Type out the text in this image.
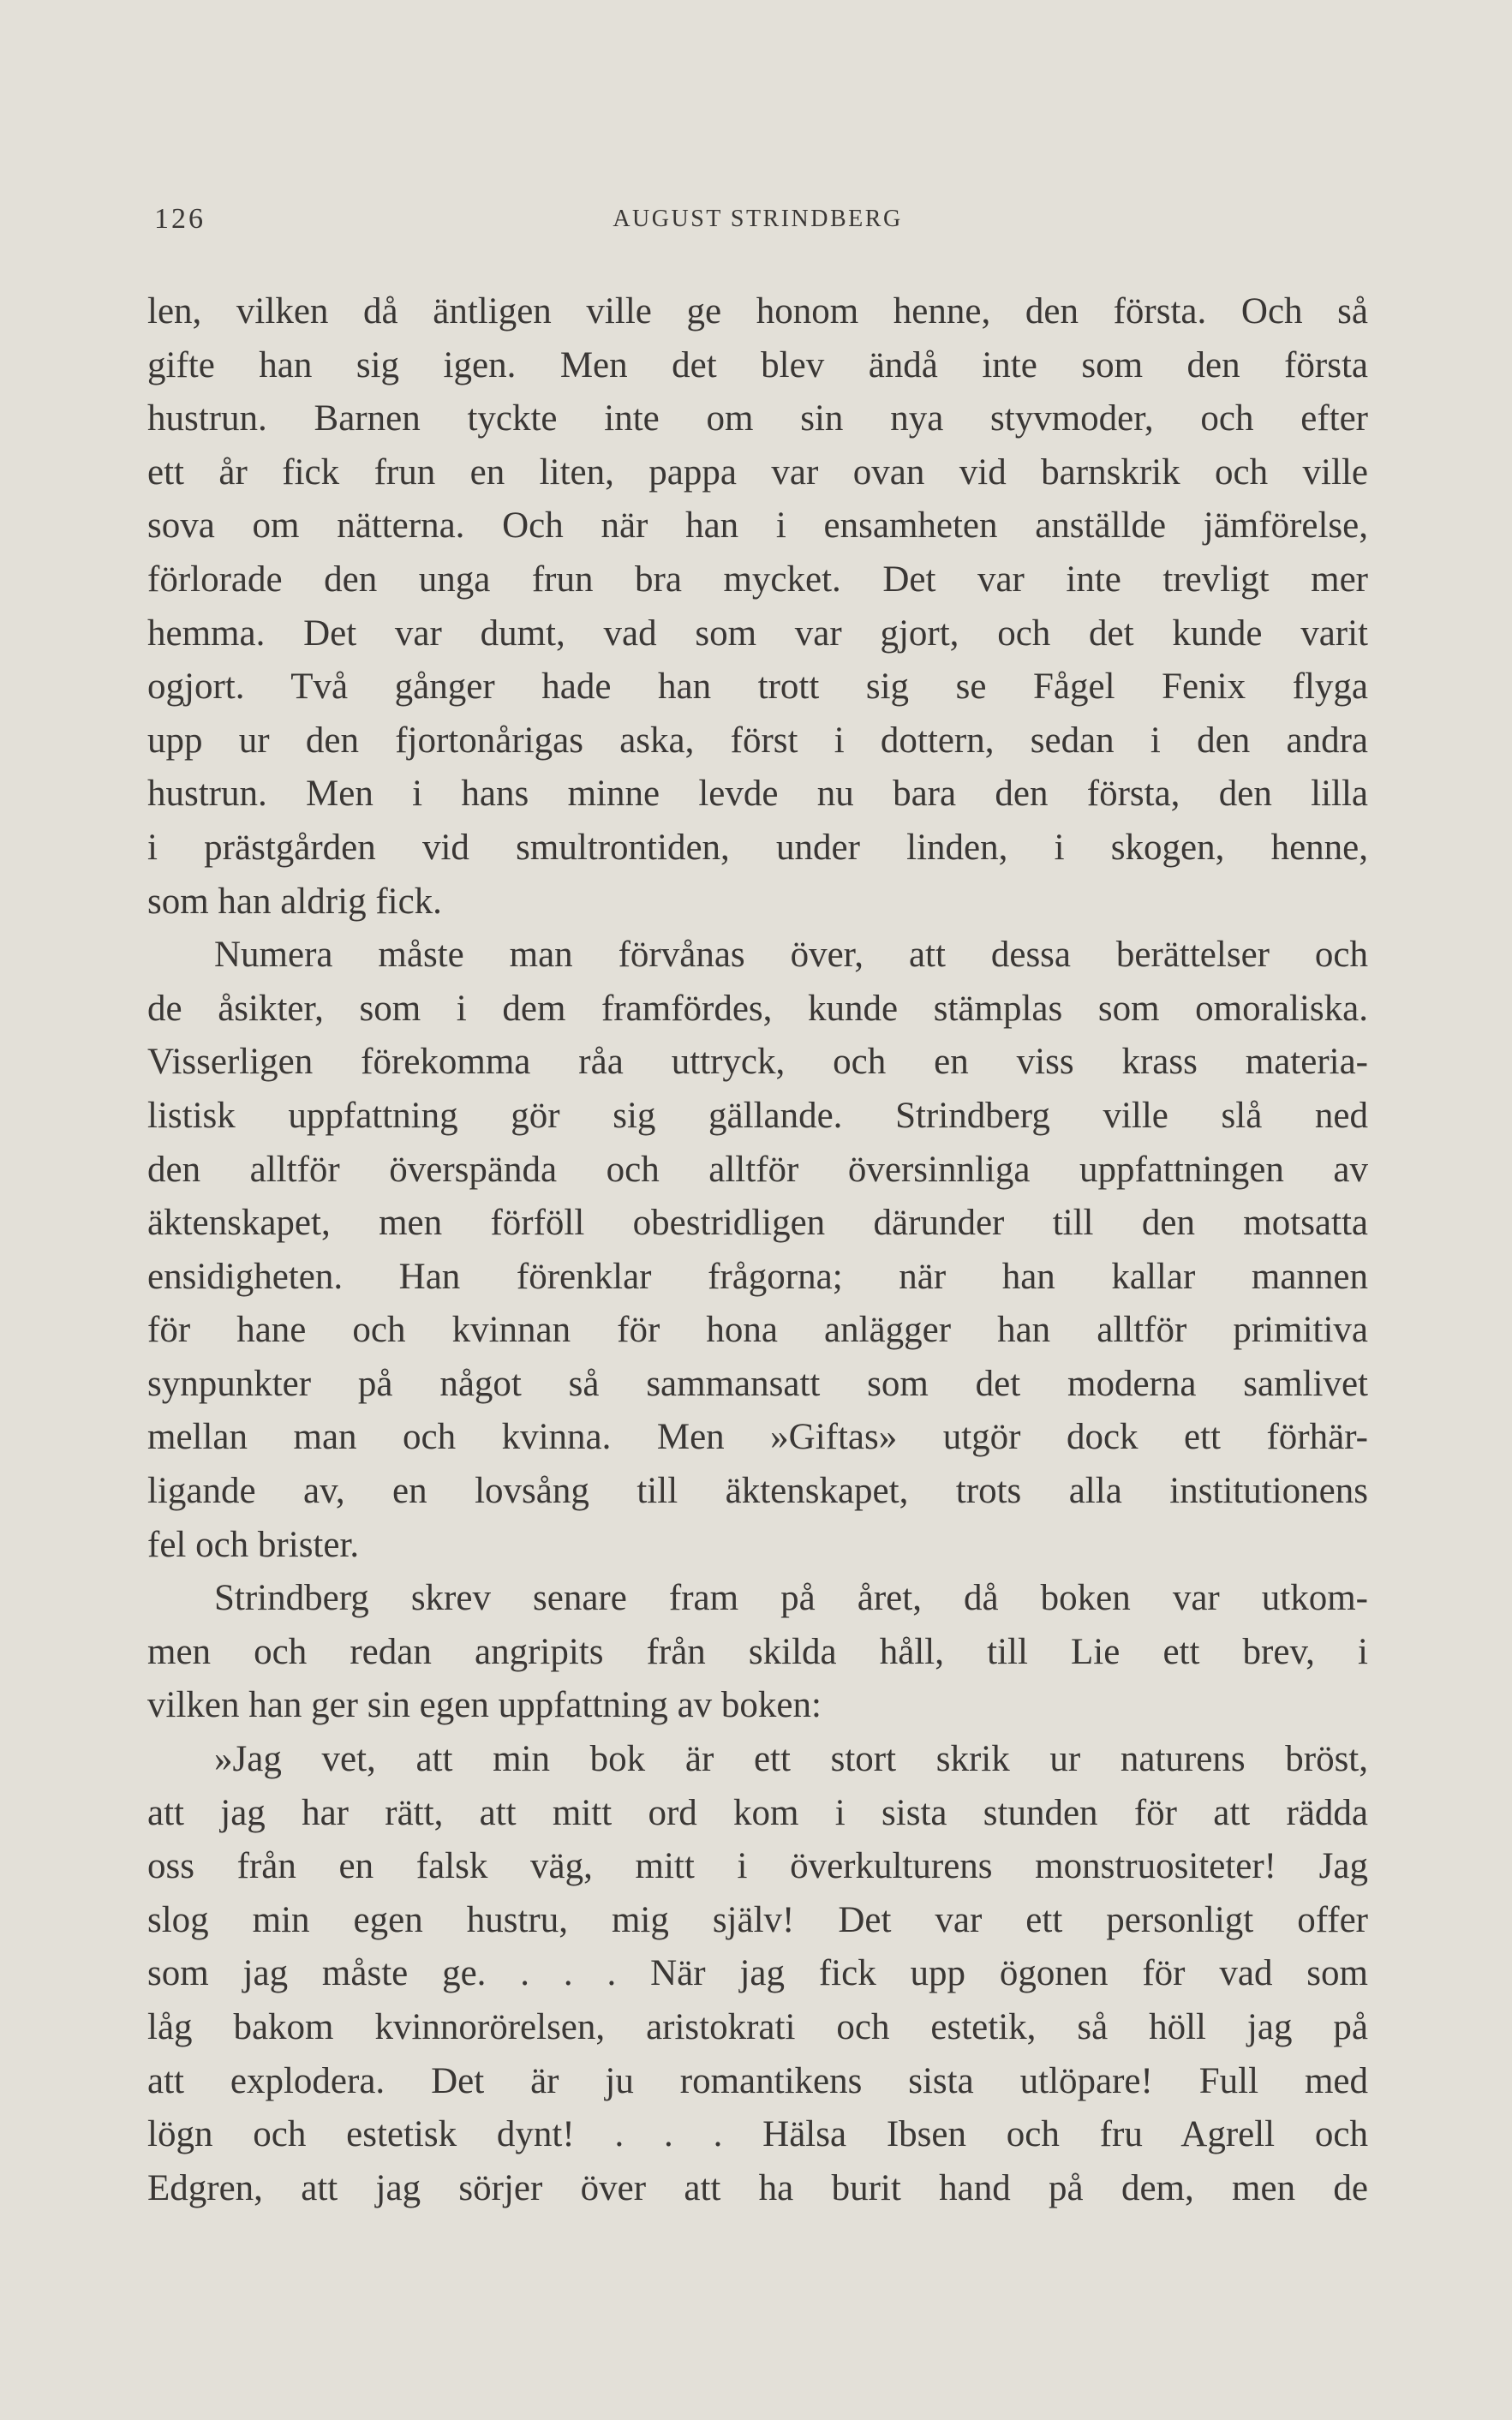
126	AUGUST STRINDBERG
len, vilken då äntligen ville ge honom henne, den första. Och så
gifte han sig igen. Men det blev ändå inte som den första
hustrun. Barnen tyckte inte om sin nya styvmoder, och efter
ett år fick frun en liten, pappa var ovan vid barnskrik och ville
sova om nätterna. Och när han i ensamheten anställde jämförelse,
förlorade den unga frun bra mycket. Det var inte trevligt mer
hemma. Det var dumt, vad som var gjort, och det kunde varit
ogjort. Två gånger hade han trott sig se Fågel Fenix flyga
upp ur den fjortonårigas aska, först i dottern, sedan i den andra
hustrun. Men i hans minne levde nu bara den första, den lilla
i prästgården vid smultrontiden, under linden, i skogen, henne,
som han aldrig fick.
Numera måste man förvånas över, att dessa berättelser och
de åsikter, som i dem framfördes, kunde stämplas som omoraliska.
Visserligen förekomma råa uttryck, och en viss krass materia-
listisk uppfattning gör sig gällande. Strindberg ville slå ned
den alltför överspända och alltför översinnliga uppfattningen av
äktenskapet, men förföll obestridligen därunder till den motsatta
ensidigheten. Han förenklar frågorna; när han kallar mannen
för hane och kvinnan för hona anlägger han alltför primitiva
synpunkter på något så sammansatt som det moderna samlivet
mellan man och kvinna. Men »Giftas» utgör dock ett förhär-
ligande av, en lovsång till äktenskapet, trots alla institutionens
fel och brister.
Strindberg skrev senare fram på året, då boken var utkom-
men och redan angripits från skilda håll, till Lie ett brev, i
vilken han ger sin egen uppfattning av boken:
»Jag vet, att min bok är ett stort skrik ur naturens bröst,
att jag har rätt, att mitt ord kom i sista stunden för att rädda
oss från en falsk väg, mitt i överkulturens monstruositeter! Jag
slog min egen hustru, mig själv! Det var ett personligt offer
som jag måste ge. . . . När jag fick upp ögonen för vad som
låg bakom kvinnorörelsen, aristokrati och estetik, så höll jag på
att explodera. Det är ju romantikens sista utlöpare! Full med
lögn och estetisk dynt! . . . Hälsa Ibsen och fru Agrell och
Edgren, att jag sörjer över att ha burit hand på dem, men de
